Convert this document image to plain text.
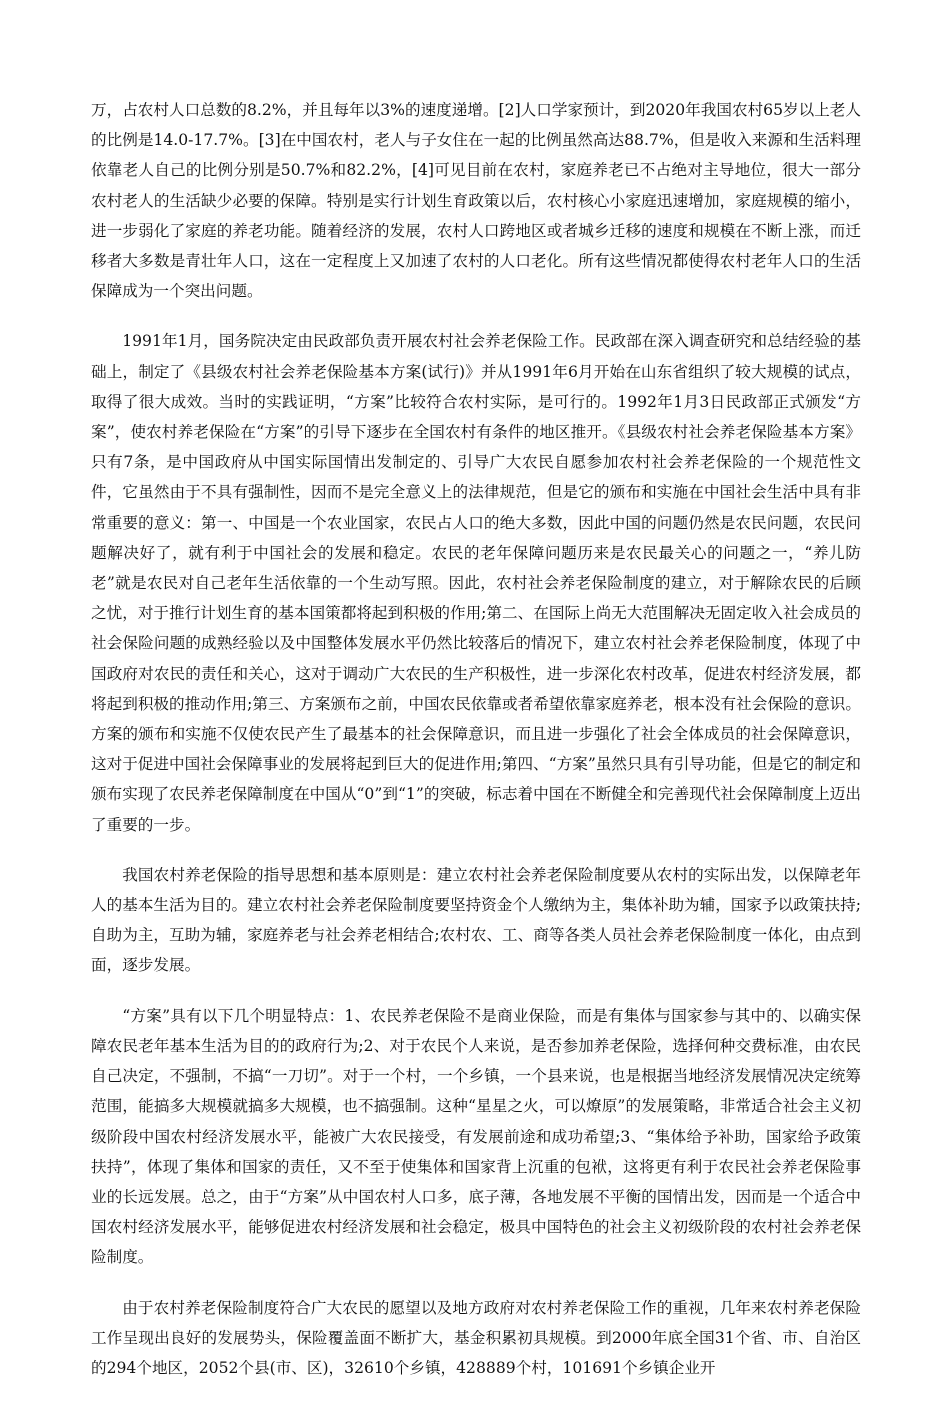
万，占农村人口总数的8.2%，并且每年以3%的速度递增。[2]人口学家预计，到2020年我国农村65岁以上老人的比例是14.0-17.7%。[3]在中国农村，老人与子女住在一起的比例虽然高达88.7%，但是收入来源和生活料理依靠老人自己的比例分别是50.7%和82.2%，[4]可见目前在农村，家庭养老已不占绝对主导地位，很大一部分农村老人的生活缺少必要的保障。特别是实行计划生育政策以后，农村核心小家庭迅速增加，家庭规模的缩小，进一步弱化了家庭的养老功能。随着经济的发展，农村人口跨地区或者城乡迁移的速度和规模在不断上涨，而迁移者大多数是青壮年人口，这在一定程度上又加速了农村的人口老化。所有这些情况都使得农村老年人口的生活保障成为一个突出问题。

1991年1月，国务院决定由民政部负责开展农村社会养老保险工作。民政部在深入调查研究和总结经验的基础上，制定了《县级农村社会养老保险基本方案(试行)》并从1991年6月开始在山东省组织了较大规模的试点，取得了很大成效。当时的实践证明，“方案”比较符合农村实际，是可行的。1992年1月3日民政部正式颁发“方案”，使农村养老保险在“方案”的引导下逐步在全国农村有条件的地区推开。《县级农村社会养老保险基本方案》只有7条，是中国政府从中国实际国情出发制定的、引导广大农民自愿参加农村社会养老保险的一个规范性文件，它虽然由于不具有强制性，因而不是完全意义上的法律规范，但是它的颁布和实施在中国社会生活中具有非常重要的意义：第一、中国是一个农业国家，农民占人口的绝大多数，因此中国的问题仍然是农民问题，农民问题解决好了，就有利于中国社会的发展和稳定。农民的老年保障问题历来是农民最关心的问题之一，“养儿防老”就是农民对自己老年生活依靠的一个生动写照。因此，农村社会养老保险制度的建立，对于解除农民的后顾之忧，对于推行计划生育的基本国策都将起到积极的作用;第二、在国际上尚无大范围解决无固定收入社会成员的社会保险问题的成熟经验以及中国整体发展水平仍然比较落后的情况下，建立农村社会养老保险制度，体现了中国政府对农民的责任和关心，这对于调动广大农民的生产积极性，进一步深化农村改革，促进农村经济发展，都将起到积极的推动作用;第三、方案颁布之前，中国农民依靠或者希望依靠家庭养老，根本没有社会保险的意识。方案的颁布和实施不仅使农民产生了最基本的社会保障意识，而且进一步强化了社会全体成员的社会保障意识，这对于促进中国社会保障事业的发展将起到巨大的促进作用;第四、“方案”虽然只具有引导功能，但是它的制定和颁布实现了农民养老保障制度在中国从“0”到“1”的突破，标志着中国在不断健全和完善现代社会保障制度上迈出了重要的一步。

我国农村养老保险的指导思想和基本原则是：建立农村社会养老保险制度要从农村的实际出发，以保障老年人的基本生活为目的。建立农村社会养老保险制度要坚持资金个人缴纳为主，集体补助为辅，国家予以政策扶持;自助为主，互助为辅，家庭养老与社会养老相结合;农村农、工、商等各类人员社会养老保险制度一体化，由点到面，逐步发展。

“方案”具有以下几个明显特点：1、农民养老保险不是商业保险，而是有集体与国家参与其中的、以确实保障农民老年基本生活为目的的政府行为;2、对于农民个人来说，是否参加养老保险，选择何种交费标准，由农民自己决定，不强制，不搞“一刀切”。对于一个村，一个乡镇，一个县来说，也是根据当地经济发展情况决定统筹范围，能搞多大规模就搞多大规模，也不搞强制。这种“星星之火，可以燎原”的发展策略，非常适合社会主义初级阶段中国农村经济发展水平，能被广大农民接受，有发展前途和成功希望;3、“集体给予补助，国家给予政策扶持”，体现了集体和国家的责任，又不至于使集体和国家背上沉重的包袱，这将更有利于农民社会养老保险事业的长远发展。总之，由于“方案”从中国农村人口多，底子薄，各地发展不平衡的国情出发，因而是一个适合中国农村经济发展水平，能够促进农村经济发展和社会稳定，极具中国特色的社会主义初级阶段的农村社会养老保险制度。

由于农村养老保险制度符合广大农民的愿望以及地方政府对农村养老保险工作的重视，几年来农村养老保险工作呈现出良好的发展势头，保险覆盖面不断扩大，基金积累初具规模。到2000年底全国31个省、市、自治区的294个地区，2052个县(市、区)，32610个乡镇，428889个村，101691个乡镇企业开
